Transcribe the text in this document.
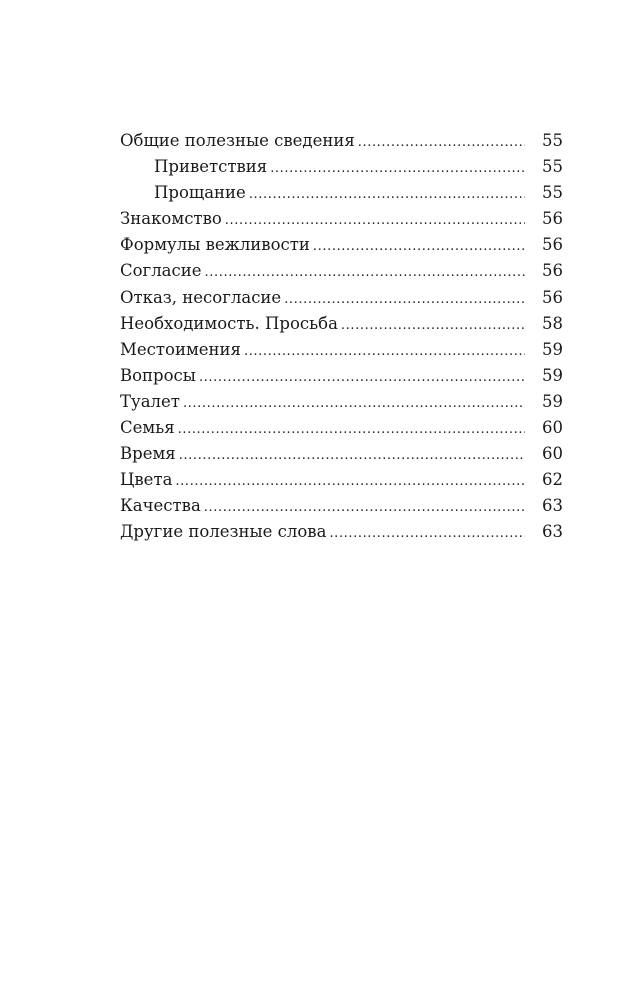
Общие полезные сведения .....	55
Приветствия .....	55
Прощание .....	55
Знакомство .....	56
Формулы вежливости .....	56
Согласие .....	56
Отказ, несогласие .....	56
Необходимость. Просьба .....	58
Местоимения .....	59
Вопросы .....	59
Туалет .....	59
Семья .....	60
Время .....	60
Цвета .....	62
Качества .....	63
Другие полезные слова .....	63
